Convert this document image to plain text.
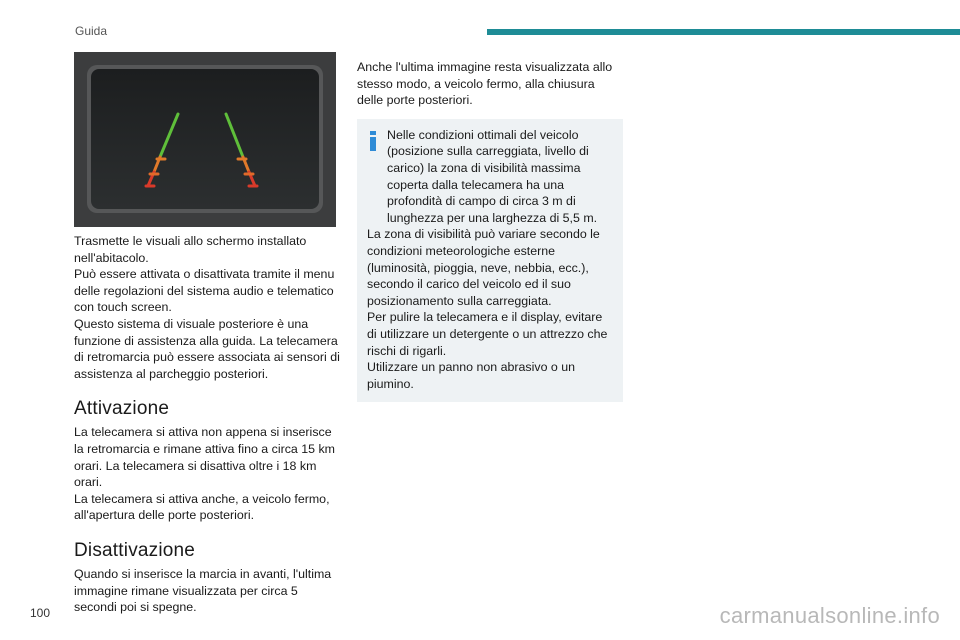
Guida

Trasmette le visuali allo schermo installato nell'abitacolo.

Può essere attivata o disattivata tramite il menu delle regolazioni del sistema audio e telematico con touch screen.

Questo sistema di visuale posteriore è una funzione di assistenza alla guida. La telecamera di retromarcia può essere associata ai sensori di assistenza al parcheggio posteriori.

Attivazione

La telecamera si attiva non appena si inserisce la retromarcia e rimane attiva fino a circa 15 km orari. La telecamera si disattiva oltre i 18 km orari.

La telecamera si attiva anche, a veicolo fermo, all'apertura delle porte posteriori.

Disattivazione

Quando si inserisce la marcia in avanti, l'ultima immagine rimane visualizzata per circa 5 secondi poi si spegne.

Anche l'ultima immagine resta visualizzata allo stesso modo, a veicolo fermo, alla chiusura delle porte posteriori.

Nelle condizioni ottimali del veicolo (posizione sulla carreggiata, livello di carico) la zona di visibilità massima coperta dalla telecamera ha una profondità di campo di circa 3 m di lunghezza per una larghezza di 5,5 m.

La zona di visibilità può variare secondo le condizioni meteorologiche esterne (luminosità, pioggia, neve, nebbia, ecc.), secondo il carico del veicolo ed il suo posizionamento sulla carreggiata.

Per pulire la telecamera e il display, evitare di utilizzare un detergente o un attrezzo che rischi di rigarli.

Utilizzare un panno non abrasivo o un piumino.

100	carmanualsonline.info
